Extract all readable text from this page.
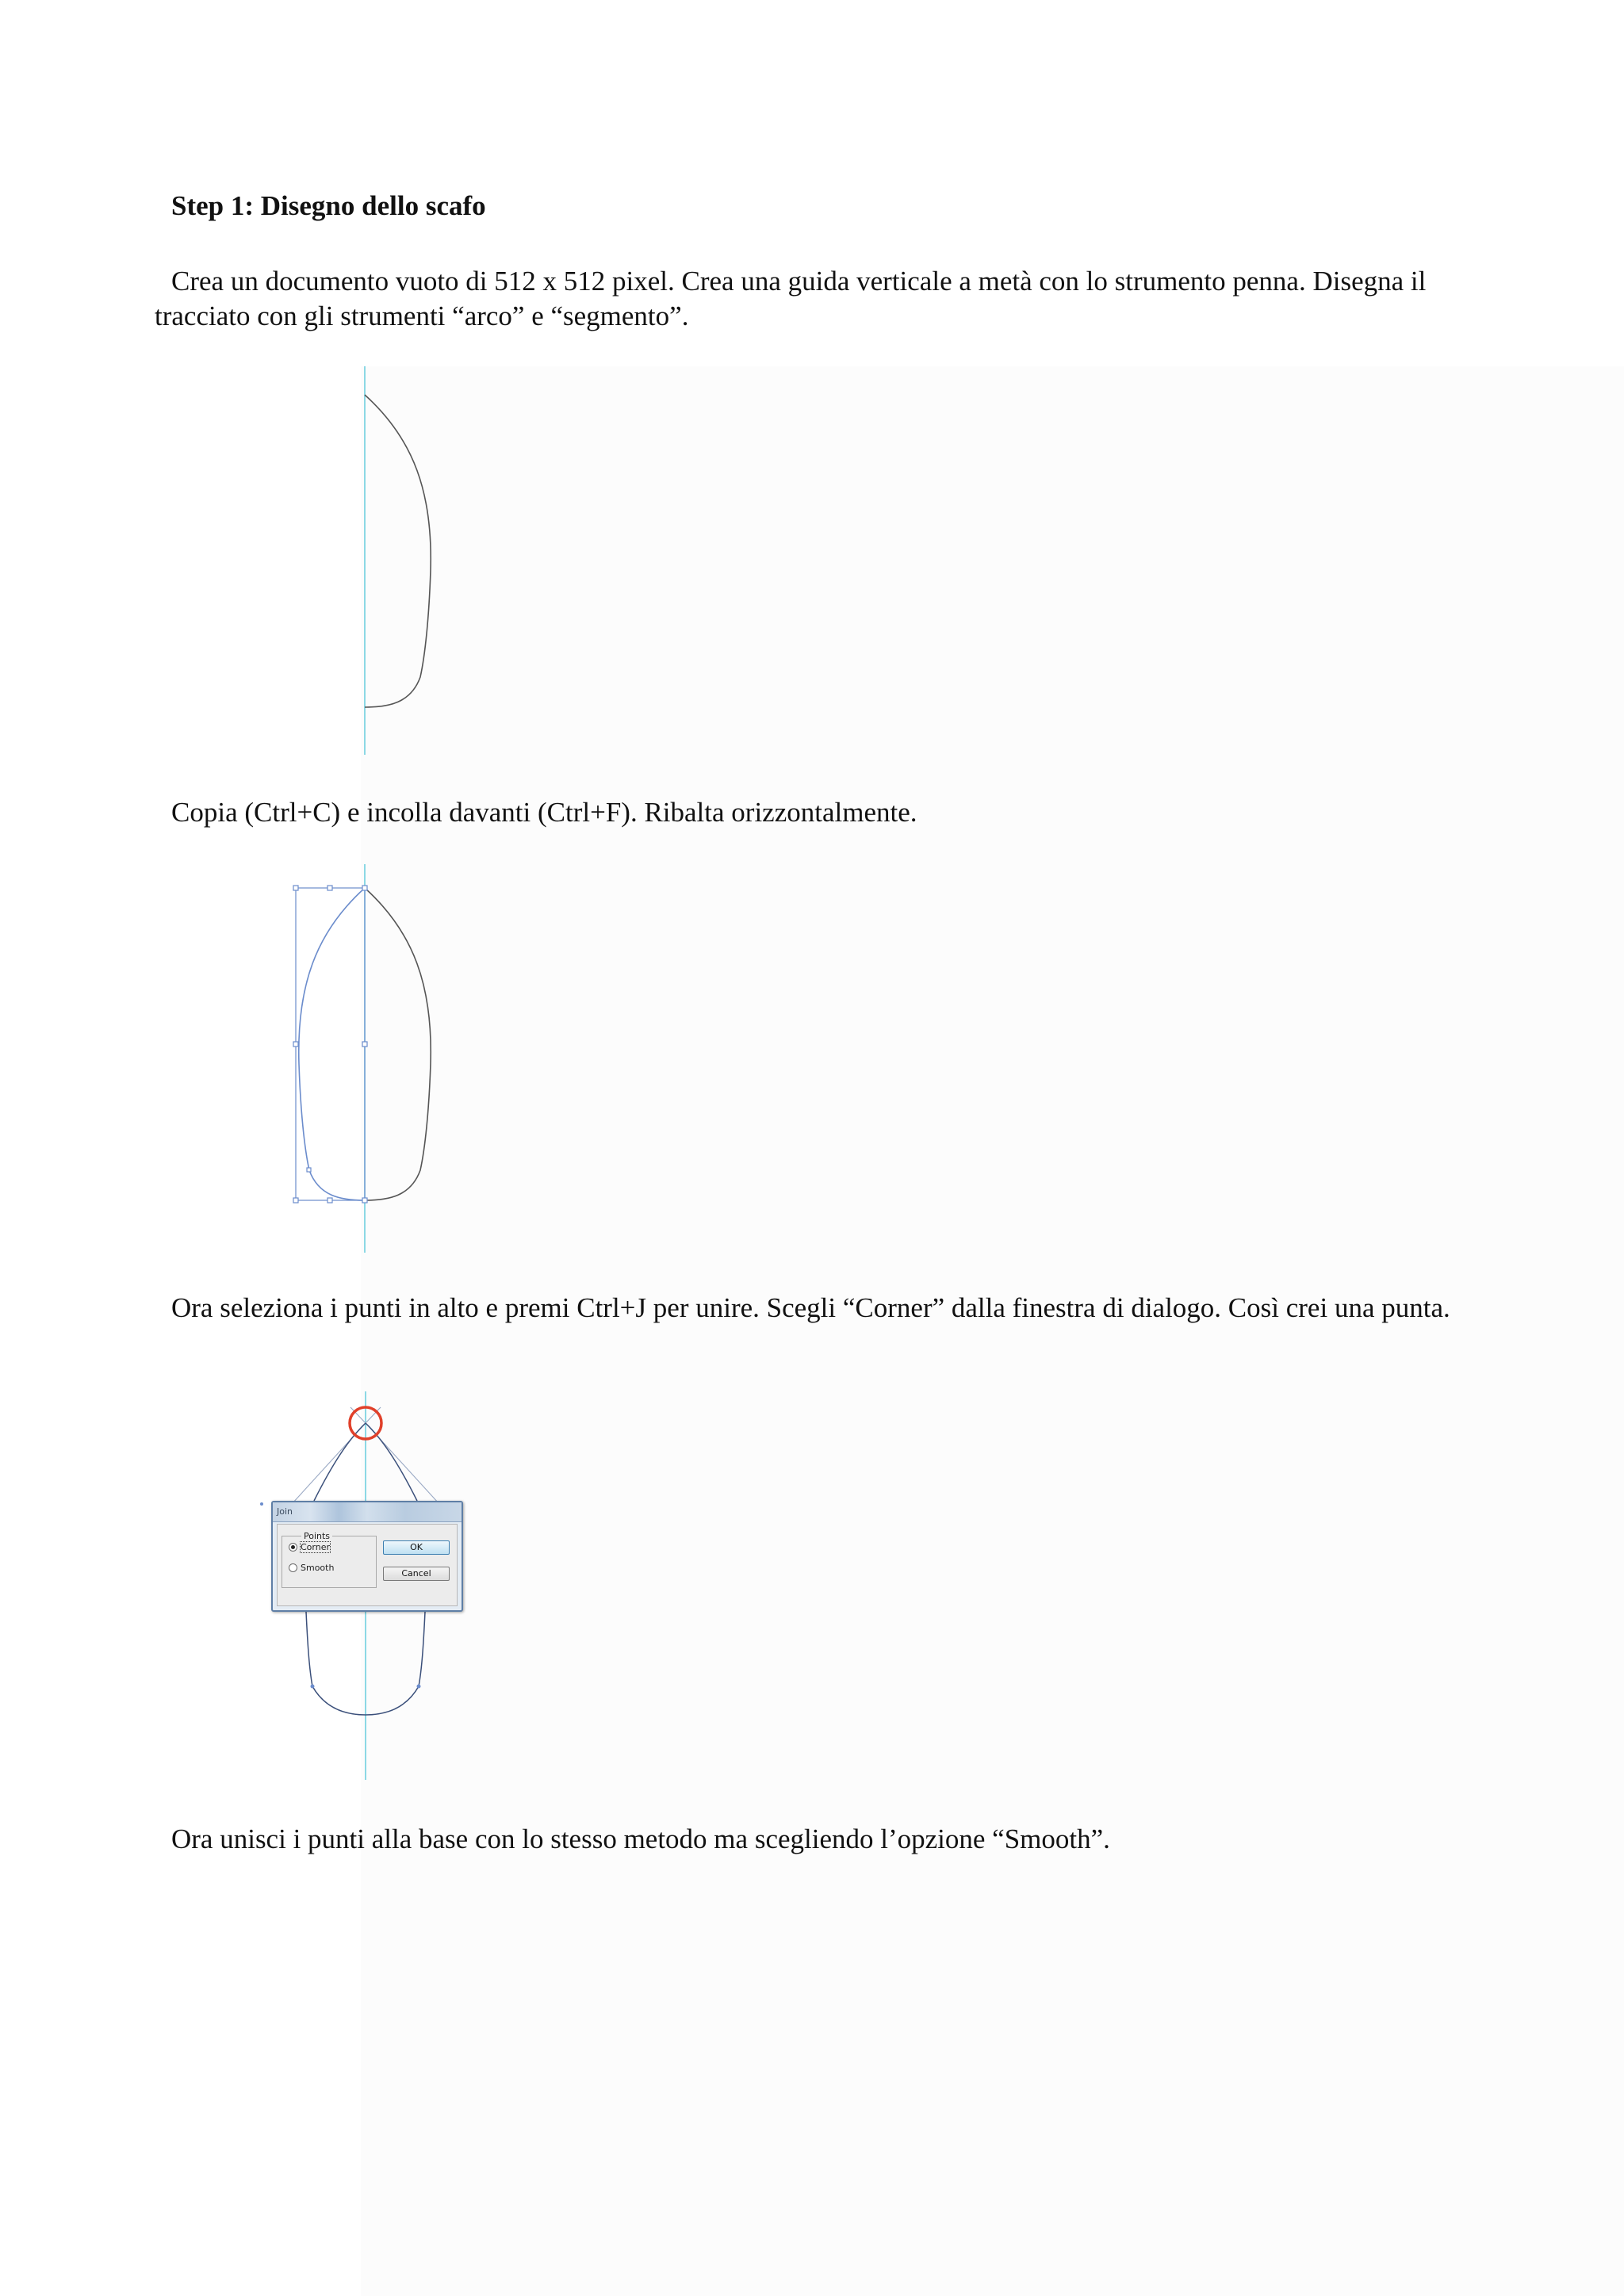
Step 1: Disegno dello scafo
Crea un documento vuoto di 512 x 512 pixel. Crea una guida verticale a metà con lo strumento penna. Disegna il tracciato con gli strumenti “arco” e “segmento”.
Copia (Ctrl+C) e incolla davanti (Ctrl+F). Ribalta orizzontalmente.
Ora seleziona i punti in alto e premi Ctrl+J per unire. Scegli “Corner” dalla finestra di dialogo. Così crei una punta.
Join
Points
Corner
Smooth
OK
Cancel
Ora unisci i punti alla base con lo stesso metodo ma scegliendo l’opzione “Smooth”.
